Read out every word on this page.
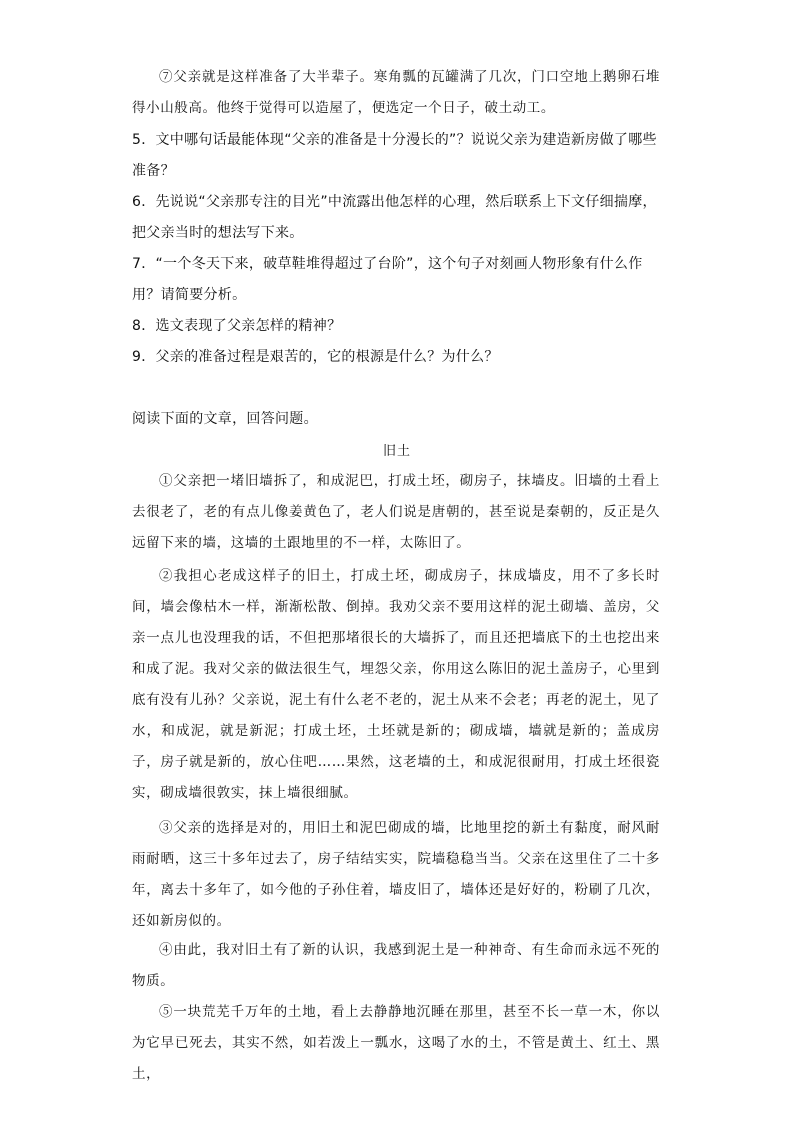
⑦父亲就是这样准备了大半辈子。寒角瓢的瓦罐满了几次，门口空地上鹅卵石堆得小山般高。他终于觉得可以造屋了，便选定一个日子，破土动工。

5．文中哪句话最能体现“父亲的准备是十分漫长的”？说说父亲为建造新房做了哪些准备？

6．先说说“父亲那专注的目光”中流露出他怎样的心理，然后联系上下文仔细揣摩，把父亲当时的想法写下来。

7．“一个冬天下来，破草鞋堆得超过了台阶”，这个句子对刻画人物形象有什么作用？请简要分析。

8．选文表现了父亲怎样的精神？

9．父亲的准备过程是艰苦的，它的根源是什么？为什么？

阅读下面的文章，回答问题。

旧土

①父亲把一堵旧墙拆了，和成泥巴，打成土坯，砌房子，抹墙皮。旧墙的土看上去很老了，老的有点儿像姜黄色了，老人们说是唐朝的，甚至说是秦朝的，反正是久远留下来的墙，这墙的土跟地里的不一样，太陈旧了。

②我担心老成这样子的旧土，打成土坯，砌成房子，抹成墙皮，用不了多长时间，墙会像枯木一样，渐渐松散、倒掉。我劝父亲不要用这样的泥土砌墙、盖房，父亲一点儿也没理我的话，不但把那堵很长的大墙拆了，而且还把墙底下的土也挖出来和成了泥。我对父亲的做法很生气，埋怨父亲，你用这么陈旧的泥土盖房子，心里到底有没有儿孙？父亲说，泥土有什么老不老的，泥土从来不会老；再老的泥土，见了水，和成泥，就是新泥；打成土坯，土坯就是新的；砌成墙，墙就是新的；盖成房子，房子就是新的，放心住吧……果然，这老墙的土，和成泥很耐用，打成土坯很瓷实，砌成墙很敦实，抹上墙很细腻。

③父亲的选择是对的，用旧土和泥巴砌成的墙，比地里挖的新土有黏度，耐风耐雨耐晒，这三十多年过去了，房子结结实实，院墙稳稳当当。父亲在这里住了二十多年，离去十多年了，如今他的子孙住着，墙皮旧了，墙体还是好好的，粉刷了几次，还如新房似的。

④由此，我对旧土有了新的认识，我感到泥土是一种神奇、有生命而永远不死的物质。

⑤一块荒芜千万年的土地，看上去静静地沉睡在那里，甚至不长一草一木，你以为它早已死去，其实不然，如若泼上一瓢水，这喝了水的土，不管是黄土、红土、黑土，
